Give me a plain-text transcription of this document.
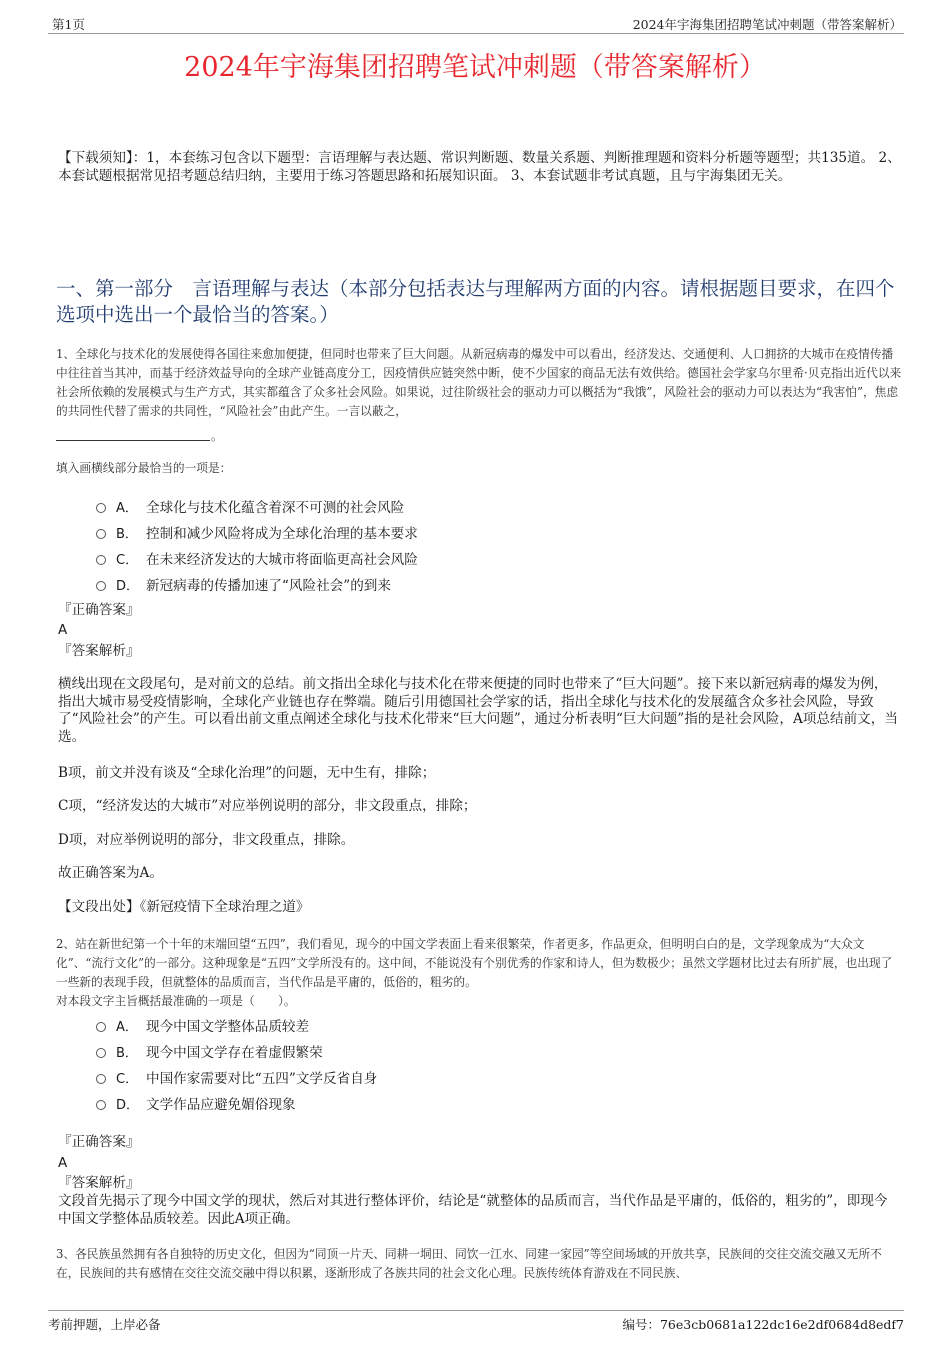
第1页	2024年宇海集团招聘笔试冲刺题（带答案解析）
2024年宇海集团招聘笔试冲刺题（带答案解析）
【下载须知】：1，本套练习包含以下题型：言语理解与表达题、常识判断题、数量关系题、判断推理题和资料分析题等题型；共135道。 2、本套试题根据常见招考题总结归纳，主要用于练习答题思路和拓展知识面。 3、本套试题非考试真题，且与宇海集团无关。
一、第一部分　言语理解与表达（本部分包括表达与理解两方面的内容。请根据题目要求，在四个选项中选出一个最恰当的答案。）
1、全球化与技术化的发展使得各国往来愈加便捷，但同时也带来了巨大问题。从新冠病毒的爆发中可以看出，经济发达、交通便利、人口拥挤的大城市在疫情传播中往往首当其冲，而基于经济效益导向的全球产业链高度分工，因疫情供应链突然中断，使不少国家的商品无法有效供给。德国社会学家乌尔里希·贝克指出近代以来社会所依赖的发展模式与生产方式，其实都蕴含了众多社会风险。如果说，过往阶级社会的驱动力可以概括为“我饿”，风险社会的驱动力可以表达为“我害怕”，焦虑的共同性代替了需求的共同性，“风险社会”由此产生。一言以蔽之，
。
填入画横线部分最恰当的一项是：
A． 全球化与技术化蕴含着深不可测的社会风险
B． 控制和减少风险将成为全球化治理的基本要求
C． 在未来经济发达的大城市将面临更高社会风险
D． 新冠病毒的传播加速了“风险社会”的到来
『正确答案』
A
『答案解析』
横线出现在文段尾句，是对前文的总结。前文指出全球化与技术化在带来便捷的同时也带来了“巨大问题”。接下来以新冠病毒的爆发为例，指出大城市易受疫情影响，全球化产业链也存在弊端。随后引用德国社会学家的话，指出全球化与技术化的发展蕴含众多社会风险，导致了“风险社会”的产生。可以看出前文重点阐述全球化与技术化带来“巨大问题”，通过分析表明“巨大问题”指的是社会风险，A项总结前文，当选。
B项，前文并没有谈及“全球化治理”的问题，无中生有，排除；
C项，“经济发达的大城市”对应举例说明的部分，非文段重点，排除；
D项，对应举例说明的部分，非文段重点，排除。
故正确答案为A。
【文段出处】《新冠疫情下全球治理之道》
2、站在新世纪第一个十年的末端回望“五四”，我们看见，现今的中国文学表面上看来很繁荣，作者更多，作品更众，但明明白白的是，文学现象成为“大众文化”、“流行文化”的一部分。这种现象是“五四”文学所没有的。这中间，不能说没有个别优秀的作家和诗人，但为数极少；虽然文学题材比过去有所扩展，也出现了一些新的表现手段，但就整体的品质而言，当代作品是平庸的，低俗的，粗劣的。
对本段文字主旨概括最准确的一项是（　　）。
A． 现今中国文学整体品质较差
B． 现今中国文学存在着虚假繁荣
C． 中国作家需要对比“五四”文学反省自身
D． 文学作品应避免媚俗现象
『正确答案』
A
『答案解析』
文段首先揭示了现今中国文学的现状，然后对其进行整体评价，结论是“就整体的品质而言，当代作品是平庸的，低俗的，粗劣的”，即现今中国文学整体品质较差。因此A项正确。
3、各民族虽然拥有各自独特的历史文化，但因为“同顶一片天、同耕一垌田、同饮一江水、同建一家园”等空间场域的开放共享，民族间的交往交流交融又无所不在，民族间的共有感情在交往交流交融中得以积累，逐渐形成了各族共同的社会文化心理。民族传统体育游戏在不同民族、
考前押题，上岸必备	编号：76e3cb0681a122dc16e2df0684d8edf7
